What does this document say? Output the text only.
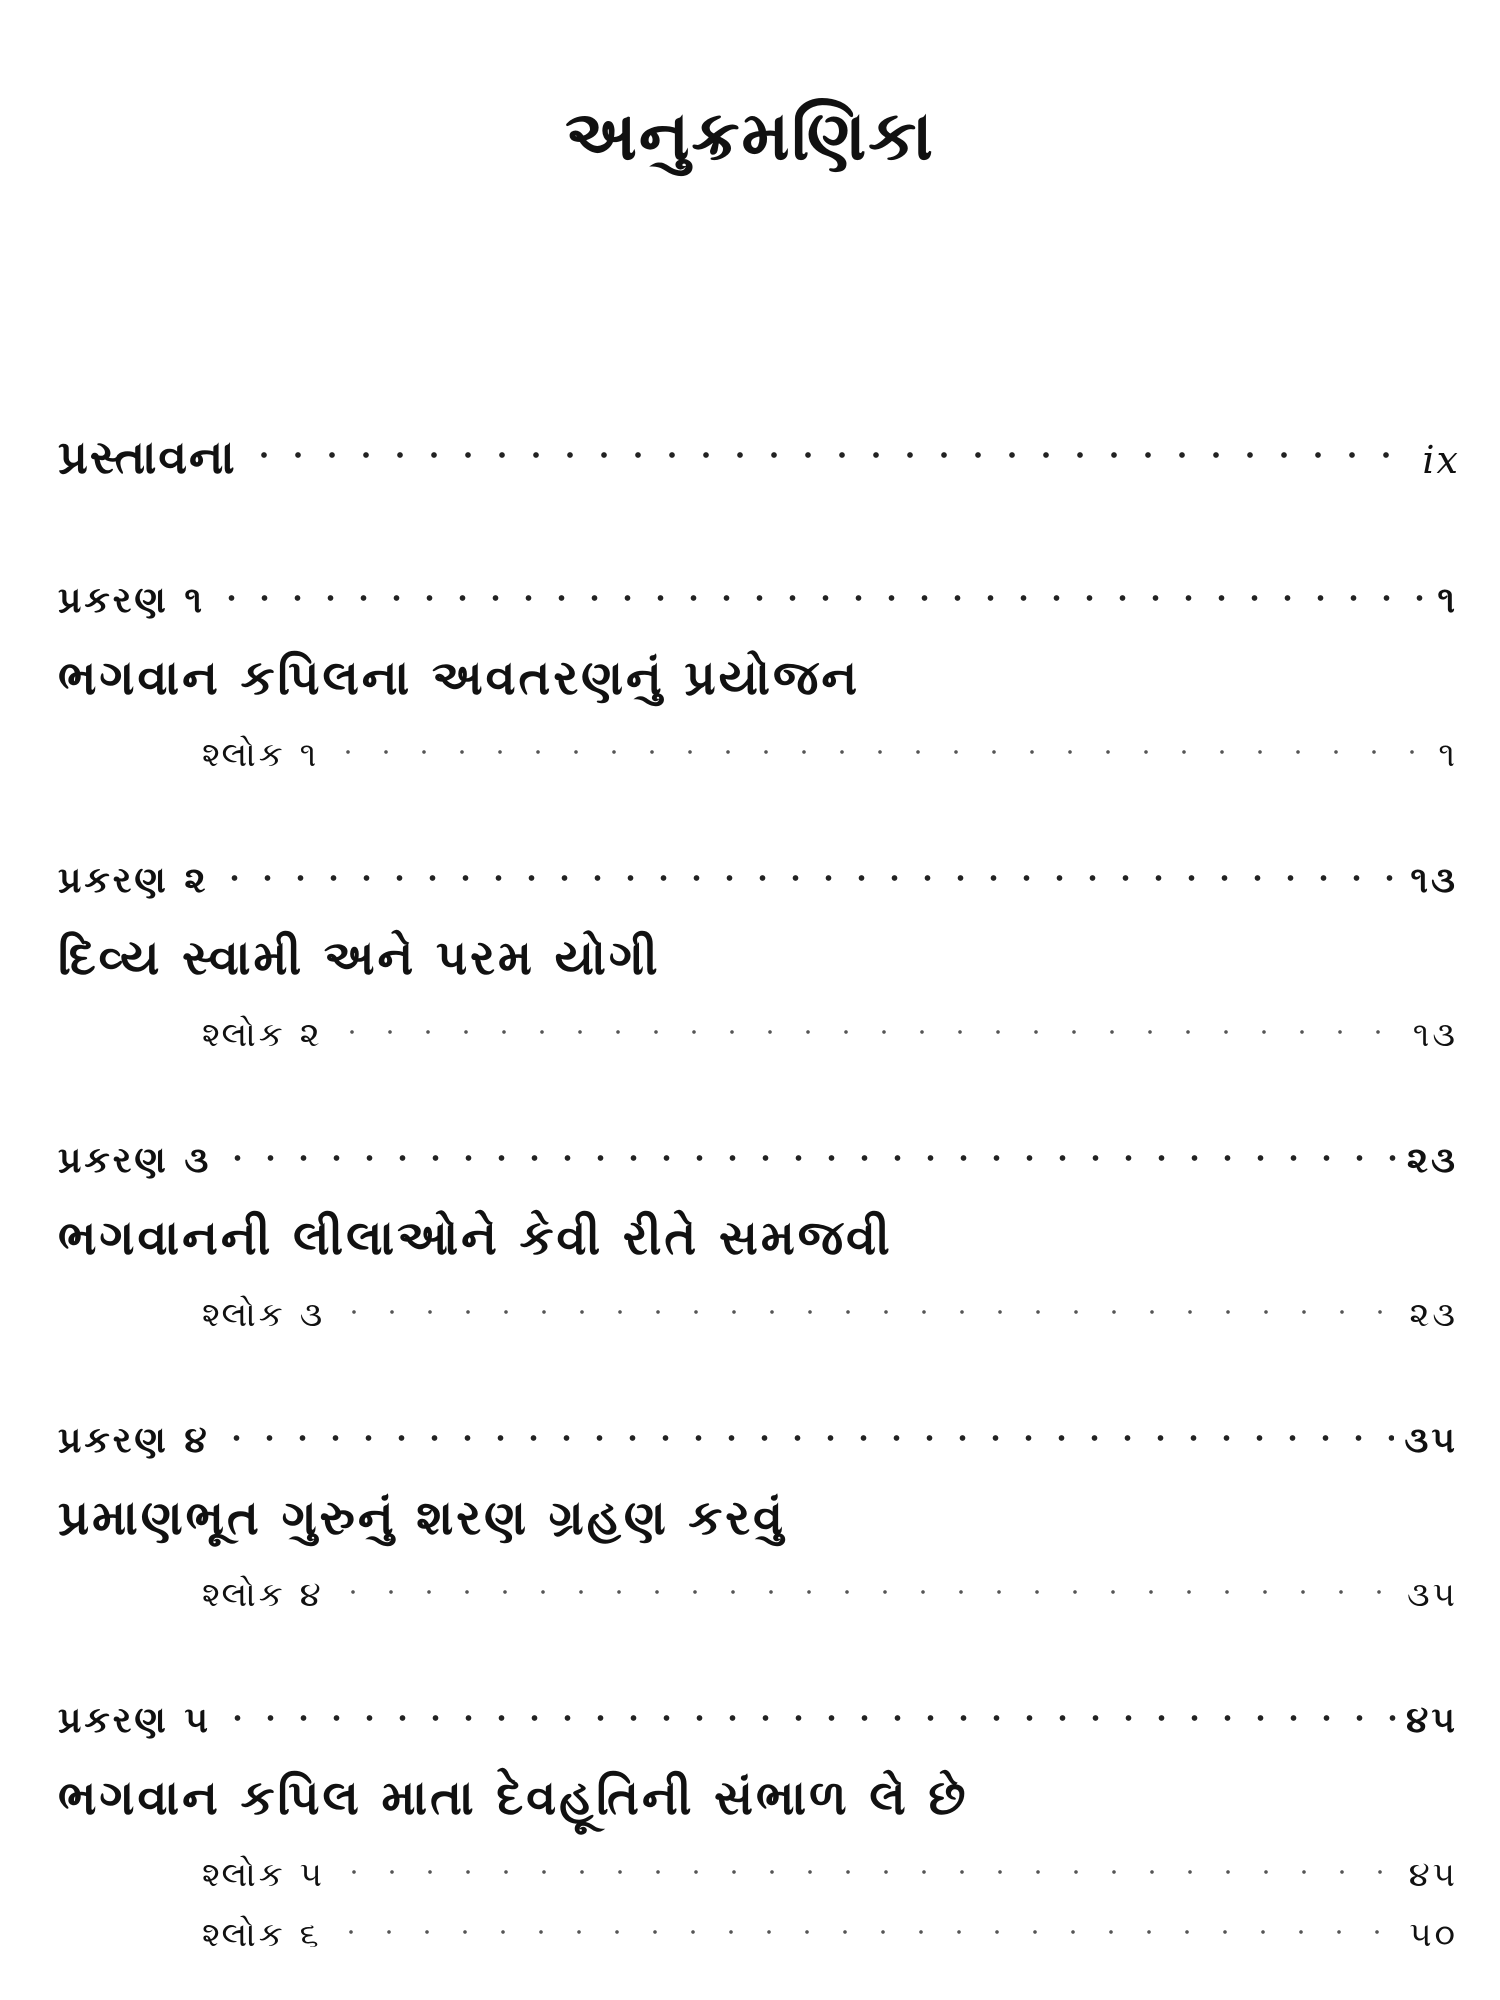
અનુક્રમણિકા
પ્રસ્તાવના	ix
પ્રકરણ ૧	૧
ભગવાન કપિલના અવતરણનું પ્રયોજન
શ્લોક ૧	૧
પ્રકરણ ૨	૧૩
દિવ્ય સ્વામી અને પરમ યોગી
શ્લોક ૨	૧૩
પ્રકરણ ૩	૨૩
ભગવાનની લીલાઓને કેવી રીતે સમજવી
શ્લોક ૩	૨૩
પ્રકરણ ૪	૩૫
પ્રમાણભૂત ગુરુનું શરણ ગ્રહણ કરવું
શ્લોક ૪	૩૫
પ્રકરણ ૫	૪૫
ભગવાન કપિલ માતા દેવહૂતિની સંભાળ લે છે
શ્લોક ૫	૪૫
શ્લોક ૬	૫૦
